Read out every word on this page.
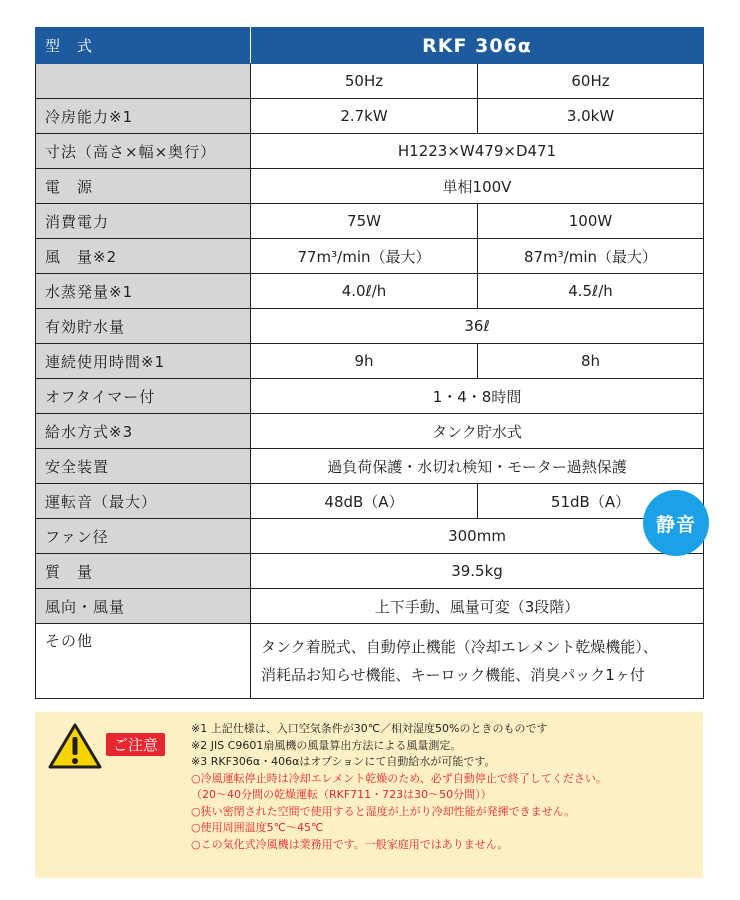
型　式	RKF 306α	
	50Hz	60Hz
冷房能力※1	2.7kW	3.0kW
寸法（高さ×幅×奥行）	H1223×W479×D471	
電　源	単相100V	
消費電力	75W	100W
風　量※2	77m³/min（最大）	87m³/min（最大）
水蒸発量※1	4.0ℓ/h	4.5ℓ/h
有効貯水量	36ℓ	
連続使用時間※1	9h	8h
オフタイマー付	1・4・8時間	
給水方式※3	タンク貯水式	
安全装置	過負荷保護・水切れ検知・モーター過熱保護	
運転音（最大）	48dB（A）	51dB（A）
ファン径	300mm	
質　量	39.5kg	
風向・風量	上下手動、風量可変（3段階）	
その他	タンク着脱式、自動停止機能（冷却エレメント乾燥機能）、
消耗品お知らせ機能、キーロック機能、消臭パック1ヶ付	
静音
ご注意
※1 上記仕様は、入口空気条件が30℃／相対湿度50%のときのものです
※2 JIS C9601扇風機の風量算出方法による風量測定。
※3 RKF306α・406αはオプションにて自動給水が可能です。
○冷風運転停止時は冷却エレメント乾燥のため、必ず自動停止で終了してください。
（20～40分間の乾燥運転（RKF711・723は30～50分間））
○狭い密閉された空間で使用すると湿度が上がり冷却性能が発揮できません。
○使用周囲温度5℃～45℃
○この気化式冷風機は業務用です。一般家庭用ではありません。
